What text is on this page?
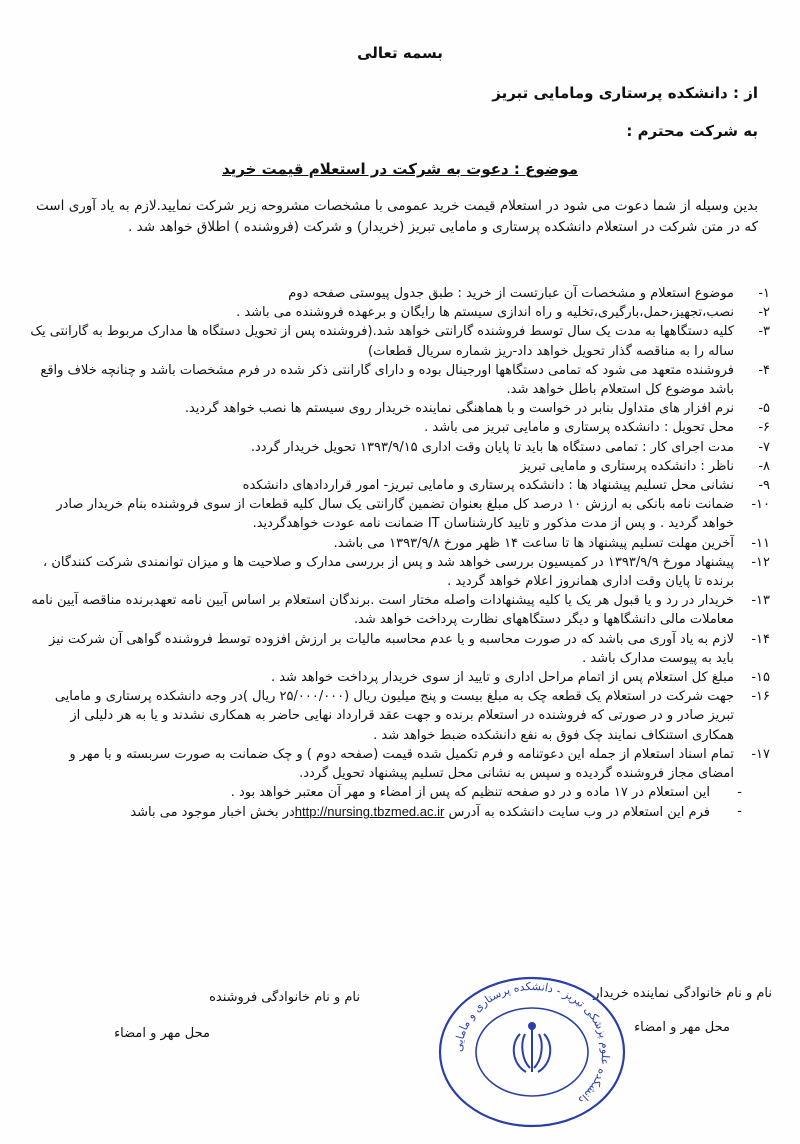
بسمه تعالی
از : دانشکده پرستاری ومامایی تبریز
به شرکت محترم :
موضوع : دعوت به شرکت در استعلام قیمت خرید
بدین وسیله از شما دعوت می شود در استعلام قیمت خرید عمومی با مشخصات مشروحه زیر شرکت نمایید.لازم به یاد آوری است که در متن شرکت در استعلام دانشکده پرستاری و مامایی تبریز (خریدار) و شرکت (فروشنده ) اطلاق خواهد شد .
۱-
موضوع استعلام و مشخصات آن عبارتست از خرید : طبق جدول پیوستی صفحه دوم
۲-
نصب،تجهیز،حمل،بارگیری،تخلیه و راه اندازی سیستم ها رایگان و برعهده فروشنده می باشد .
۳-
کلیه دستگاهها به مدت یک سال توسط فروشنده گارانتی خواهد شد.(فروشنده پس از تحویل دستگاه ها مدارک مربوط به گارانتی یک ساله را به مناقصه گذار تحویل خواهد داد-ریز شماره سریال قطعات)
۴-
فروشنده متعهد می شود که تمامی دستگاهها اورجینال بوده و دارای گارانتی ذکر شده در فرم مشخصات باشد و چنانچه خلاف واقع باشد موضوع کل استعلام باطل خواهد شد.
۵-
نرم افزار های متداول بنابر در خواست و با هماهنگی نماینده خریدار روی سیستم ها نصب خواهد گردید.
۶-
محل تحویل : دانشکده پرستاری و مامایی تبریز می باشد .
۷-
مدت اجرای کار : تمامی دستگاه ها باید تا پایان وقت اداری ۱۳۹۳/۹/۱۵ تحویل خریدار گردد.
۸-
ناظر : دانشکده پرستاری و مامایی تبریز
۹-
نشانی محل تسلیم پیشنهاد ها : دانشکده پرستاری و مامایی تبریز- امور قراردادهای دانشکده
۱۰-
ضمانت نامه بانکی به ارزش ۱۰ درصد کل مبلغ بعنوان تضمین گارانتی یک سال کلیه قطعات از سوی فروشنده بنام خریدار صادر خواهد گردید . و پس از مدت مذکور و تایید کارشناسان IT ضمانت نامه عودت خواهدگردید.
۱۱-
آخرین مهلت تسلیم پیشنهاد ها تا ساعت ۱۴ ظهر مورخ ۱۳۹۳/۹/۸ می باشد.
۱۲-
پیشنهاد مورخ ۱۳۹۳/۹/۹ در کمیسیون بررسی خواهد شد و پس از بررسی مدارک و صلاحیت ها و میزان توانمندی شرکت کنندگان ، برنده تا پایان وقت اداری همانروز اعلام خواهد گردید .
۱۳-
خریدار در رد و یا قبول هر یک یا کلیه پیشنهادات واصله مختار است .برندگان استعلام بر اساس آیین نامه تعهدبرنده مناقصه آیین نامه معاملات مالی دانشگاهها و دیگر دستگاههای نظارت پرداخت خواهد شد.
۱۴-
لازم به یاد آوری می باشد که در صورت محاسبه و یا عدم محاسبه مالیات بر ارزش افزوده توسط فروشنده گواهی آن شرکت نیز باید به پیوست مدارک باشد .
۱۵-
مبلغ کل استعلام پس از اتمام مراحل اداری و تایید از سوی خریدار پرداخت خواهد شد .
۱۶-
جهت شرکت در استعلام یک قطعه چک به مبلغ بیست و پنج میلیون ریال (۲۵/۰۰۰/۰۰۰ ریال )در وجه دانشکده پرستاری و مامایی تبریز صادر و در صورتی که فروشنده در استعلام برنده و جهت عقد قرارداد نهایی حاضر به همکاری نشدند و یا به هر دلیلی از همکاری استنکاف نمایند چک فوق به نفع دانشکده ضبط خواهد شد .
۱۷-
تمام اسناد استعلام از جمله این دعوتنامه و فرم تکمیل شده قیمت (صفحه دوم ) و چک ضمانت به صورت سربسته و با مهر و امضای مجاز فروشنده گردیده و سپس به نشانی محل تسلیم پیشنهاد تحویل گردد.
-
این استعلام در ۱۷ ماده و در دو صفحه تنظیم که پس از امضاء و مهر آن معتبر خواهد بود .
-
فرم این استعلام در وب سایت دانشکده به آدرس http://nursing.tbzmed.ac.irدر بخش اخبار موجود می باشد
نام و نام خانوادگی نماینده خریدار
محل مهر و امضاء
نام و نام خانوادگی فروشنده
محل مهر و امضاء
دانشکده علوم پزشکی تبریز - دانشکده پرستاری و مامایی
